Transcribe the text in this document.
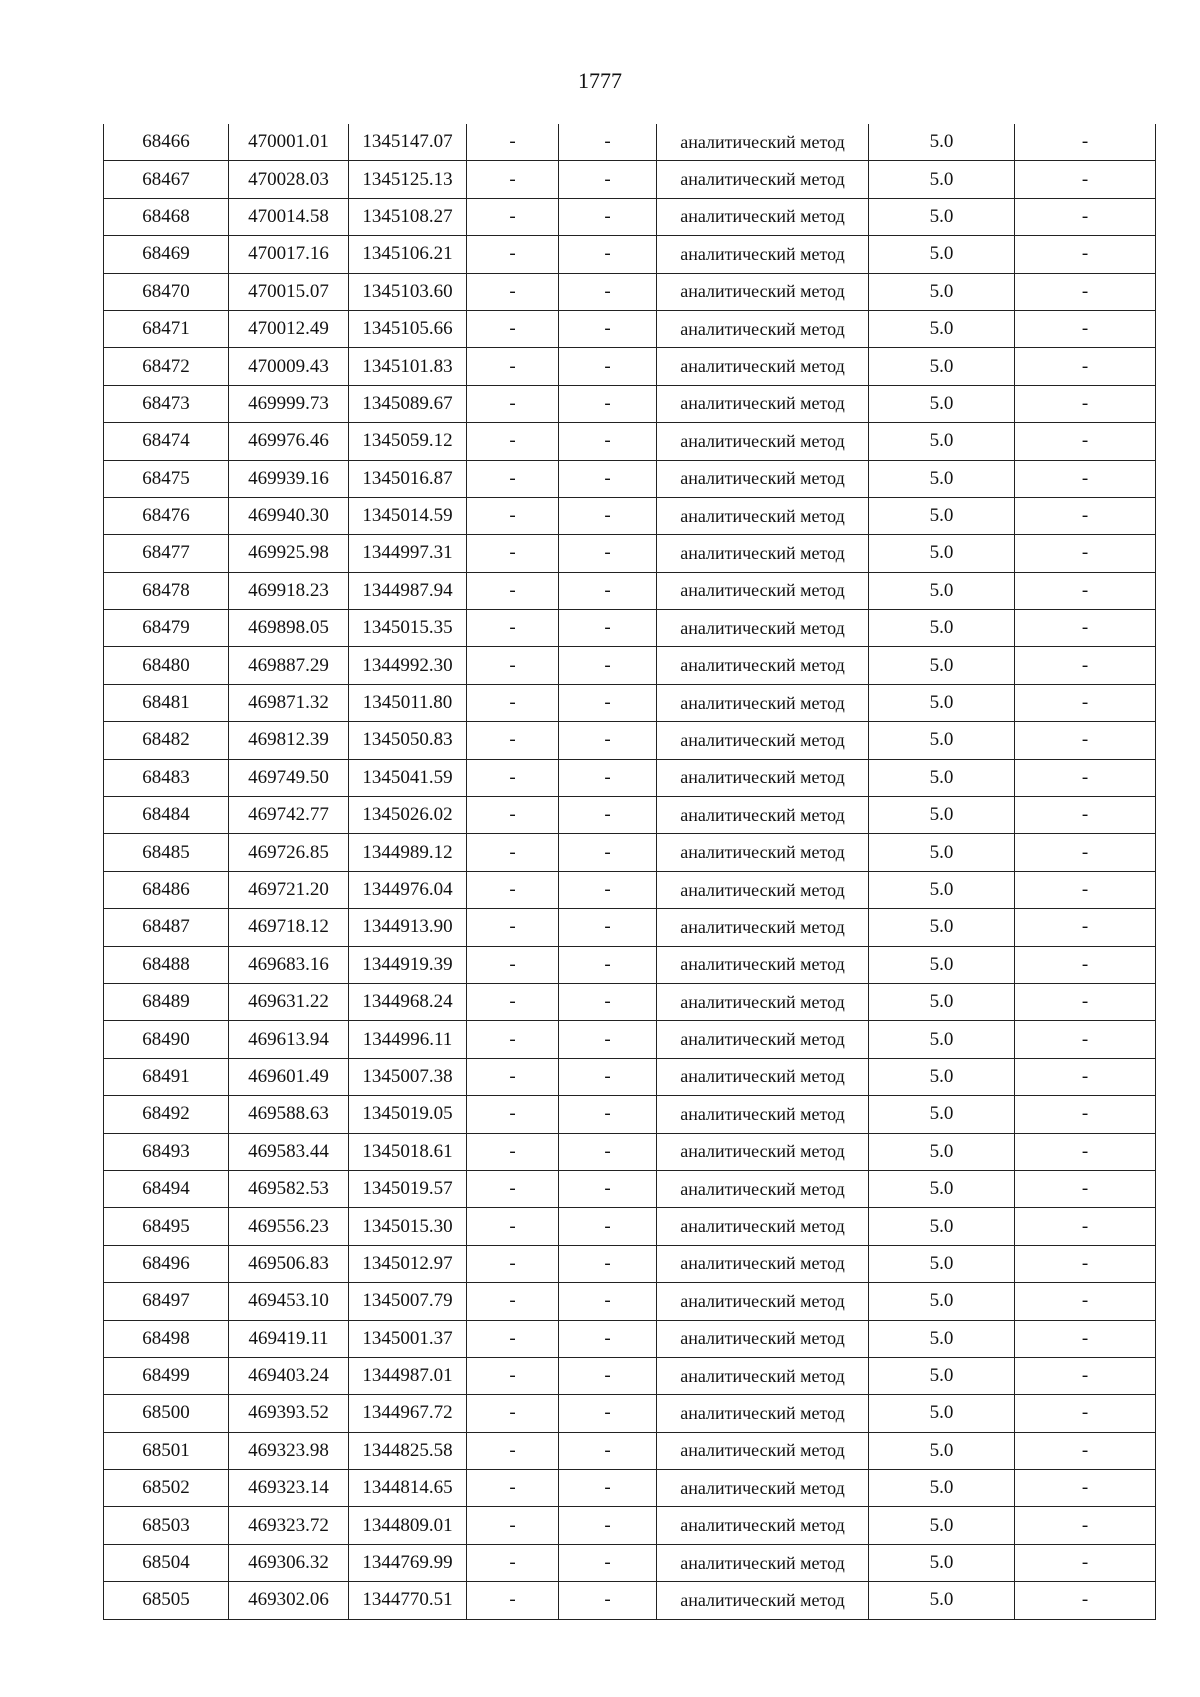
1777
68466	470001.01	1345147.07	-	-	аналитический метод	5.0	-
68467	470028.03	1345125.13	-	-	аналитический метод	5.0	-
68468	470014.58	1345108.27	-	-	аналитический метод	5.0	-
68469	470017.16	1345106.21	-	-	аналитический метод	5.0	-
68470	470015.07	1345103.60	-	-	аналитический метод	5.0	-
68471	470012.49	1345105.66	-	-	аналитический метод	5.0	-
68472	470009.43	1345101.83	-	-	аналитический метод	5.0	-
68473	469999.73	1345089.67	-	-	аналитический метод	5.0	-
68474	469976.46	1345059.12	-	-	аналитический метод	5.0	-
68475	469939.16	1345016.87	-	-	аналитический метод	5.0	-
68476	469940.30	1345014.59	-	-	аналитический метод	5.0	-
68477	469925.98	1344997.31	-	-	аналитический метод	5.0	-
68478	469918.23	1344987.94	-	-	аналитический метод	5.0	-
68479	469898.05	1345015.35	-	-	аналитический метод	5.0	-
68480	469887.29	1344992.30	-	-	аналитический метод	5.0	-
68481	469871.32	1345011.80	-	-	аналитический метод	5.0	-
68482	469812.39	1345050.83	-	-	аналитический метод	5.0	-
68483	469749.50	1345041.59	-	-	аналитический метод	5.0	-
68484	469742.77	1345026.02	-	-	аналитический метод	5.0	-
68485	469726.85	1344989.12	-	-	аналитический метод	5.0	-
68486	469721.20	1344976.04	-	-	аналитический метод	5.0	-
68487	469718.12	1344913.90	-	-	аналитический метод	5.0	-
68488	469683.16	1344919.39	-	-	аналитический метод	5.0	-
68489	469631.22	1344968.24	-	-	аналитический метод	5.0	-
68490	469613.94	1344996.11	-	-	аналитический метод	5.0	-
68491	469601.49	1345007.38	-	-	аналитический метод	5.0	-
68492	469588.63	1345019.05	-	-	аналитический метод	5.0	-
68493	469583.44	1345018.61	-	-	аналитический метод	5.0	-
68494	469582.53	1345019.57	-	-	аналитический метод	5.0	-
68495	469556.23	1345015.30	-	-	аналитический метод	5.0	-
68496	469506.83	1345012.97	-	-	аналитический метод	5.0	-
68497	469453.10	1345007.79	-	-	аналитический метод	5.0	-
68498	469419.11	1345001.37	-	-	аналитический метод	5.0	-
68499	469403.24	1344987.01	-	-	аналитический метод	5.0	-
68500	469393.52	1344967.72	-	-	аналитический метод	5.0	-
68501	469323.98	1344825.58	-	-	аналитический метод	5.0	-
68502	469323.14	1344814.65	-	-	аналитический метод	5.0	-
68503	469323.72	1344809.01	-	-	аналитический метод	5.0	-
68504	469306.32	1344769.99	-	-	аналитический метод	5.0	-
68505	469302.06	1344770.51	-	-	аналитический метод	5.0	-
